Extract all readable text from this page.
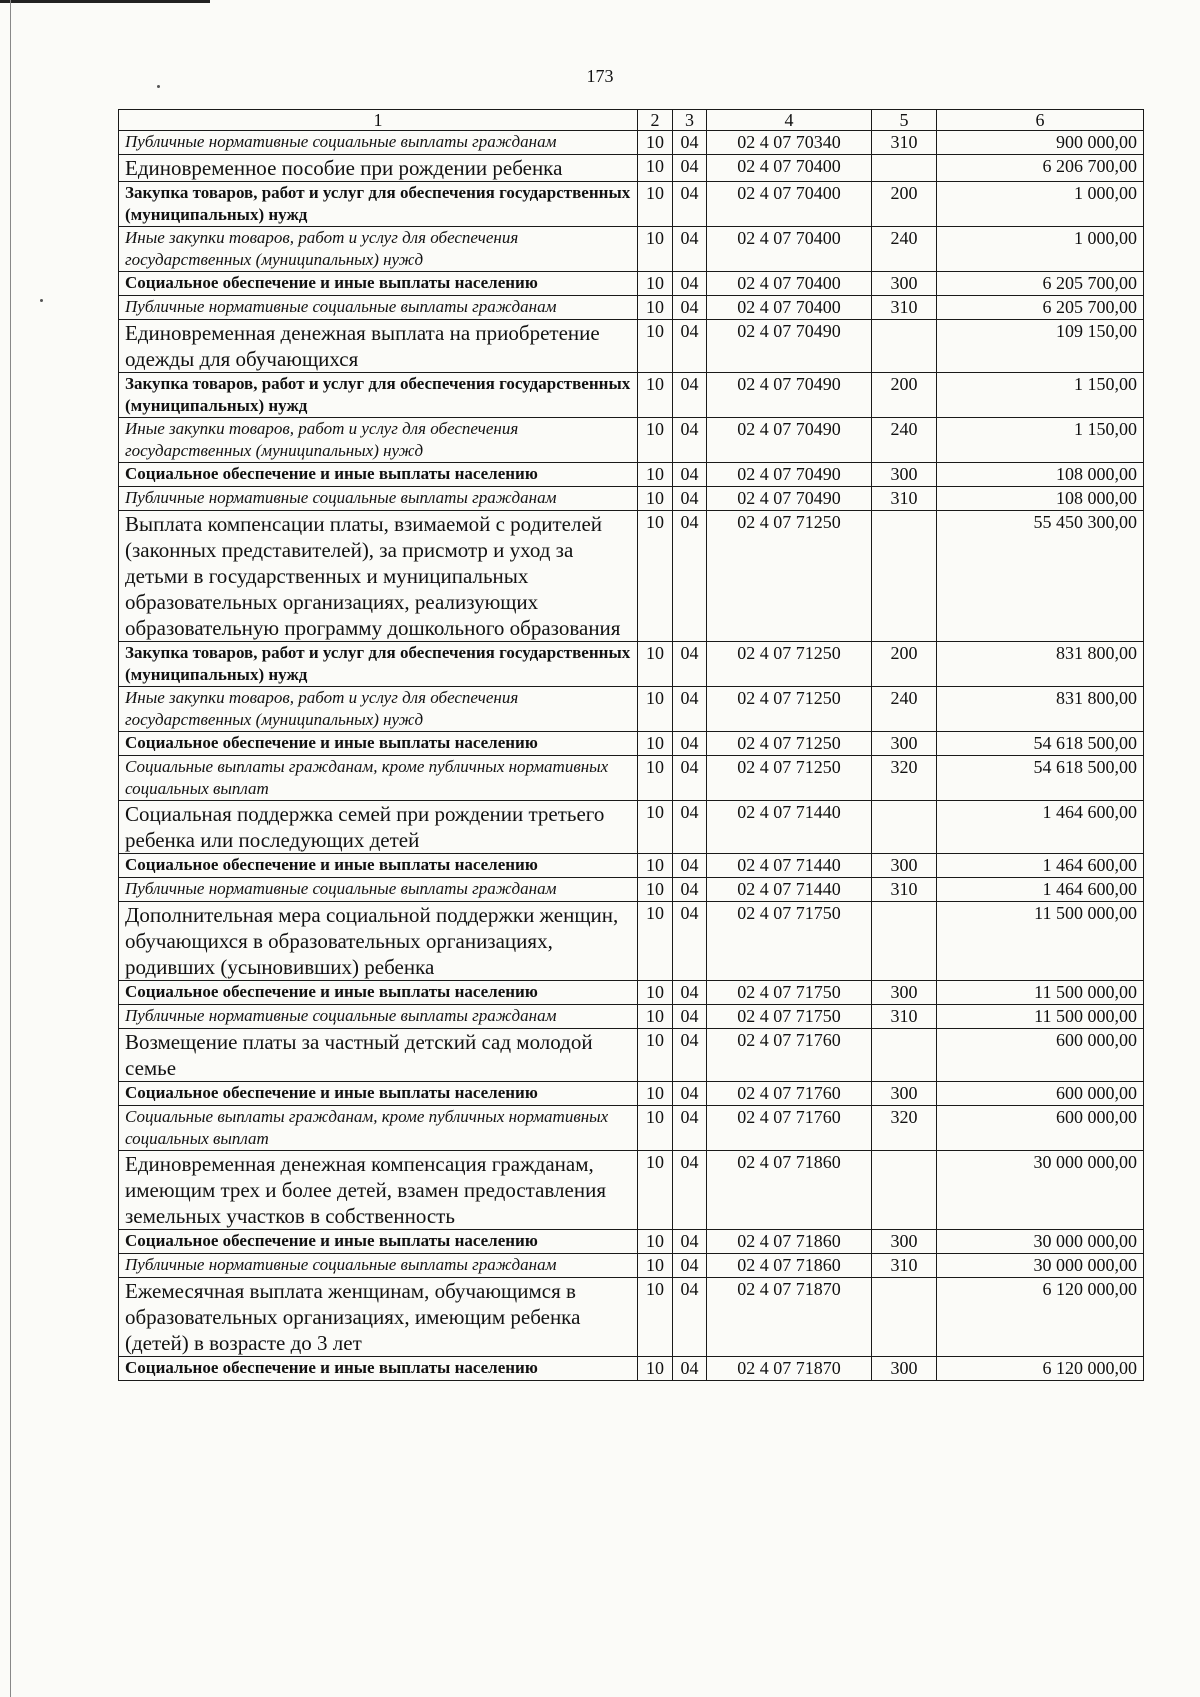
173
1	2	3	4	5	6
Публичные нормативные социальные выплаты гражданам	10	04	02 4 07 70340	310	900 000,00
Единовременное пособие при рождении ребенка	10	04	02 4 07 70400		6 206 700,00
Закупка товаров, работ и услуг для обеспечения государственных (муниципальных) нужд	10	04	02 4 07 70400	200	1 000,00
Иные закупки товаров, работ и услуг для обеспечения государственных (муниципальных) нужд	10	04	02 4 07 70400	240	1 000,00
Социальное обеспечение и иные выплаты населению	10	04	02 4 07 70400	300	6 205 700,00
Публичные нормативные социальные выплаты гражданам	10	04	02 4 07 70400	310	6 205 700,00
Единовременная денежная выплата на приобретение одежды для обучающихся	10	04	02 4 07 70490		109 150,00
Закупка товаров, работ и услуг для обеспечения государственных (муниципальных) нужд	10	04	02 4 07 70490	200	1 150,00
Иные закупки товаров, работ и услуг для обеспечения государственных (муниципальных) нужд	10	04	02 4 07 70490	240	1 150,00
Социальное обеспечение и иные выплаты населению	10	04	02 4 07 70490	300	108 000,00
Публичные нормативные социальные выплаты гражданам	10	04	02 4 07 70490	310	108 000,00
Выплата компенсации платы, взимаемой с родителей (законных представителей), за присмотр и уход за детьми в государственных и муниципальных образовательных организациях, реализующих образовательную программу дошкольного образования	10	04	02 4 07 71250		55 450 300,00
Закупка товаров, работ и услуг для обеспечения государственных (муниципальных) нужд	10	04	02 4 07 71250	200	831 800,00
Иные закупки товаров, работ и услуг для обеспечения государственных (муниципальных) нужд	10	04	02 4 07 71250	240	831 800,00
Социальное обеспечение и иные выплаты населению	10	04	02 4 07 71250	300	54 618 500,00
Социальные выплаты гражданам, кроме публичных нормативных социальных выплат	10	04	02 4 07 71250	320	54 618 500,00
Социальная поддержка семей при рождении третьего ребенка или последующих детей	10	04	02 4 07 71440		1 464 600,00
Социальное обеспечение и иные выплаты населению	10	04	02 4 07 71440	300	1 464 600,00
Публичные нормативные социальные выплаты гражданам	10	04	02 4 07 71440	310	1 464 600,00
Дополнительная мера социальной поддержки женщин, обучающихся в образовательных организациях, родивших (усыновивших) ребенка	10	04	02 4 07 71750		11 500 000,00
Социальное обеспечение и иные выплаты населению	10	04	02 4 07 71750	300	11 500 000,00
Публичные нормативные социальные выплаты гражданам	10	04	02 4 07 71750	310	11 500 000,00
Возмещение платы за частный детский сад молодой семье	10	04	02 4 07 71760		600 000,00
Социальное обеспечение и иные выплаты населению	10	04	02 4 07 71760	300	600 000,00
Социальные выплаты гражданам, кроме публичных нормативных социальных выплат	10	04	02 4 07 71760	320	600 000,00
Единовременная денежная компенсация гражданам, имеющим трех и более детей, взамен предоставления земельных участков в собственность	10	04	02 4 07 71860		30 000 000,00
Социальное обеспечение и иные выплаты населению	10	04	02 4 07 71860	300	30 000 000,00
Публичные нормативные социальные выплаты гражданам	10	04	02 4 07 71860	310	30 000 000,00
Ежемесячная выплата женщинам, обучающимся в образовательных организациях, имеющим ребенка (детей) в возрасте до 3 лет	10	04	02 4 07 71870		6 120 000,00
Социальное обеспечение и иные выплаты населению	10	04	02 4 07 71870	300	6 120 000,00
